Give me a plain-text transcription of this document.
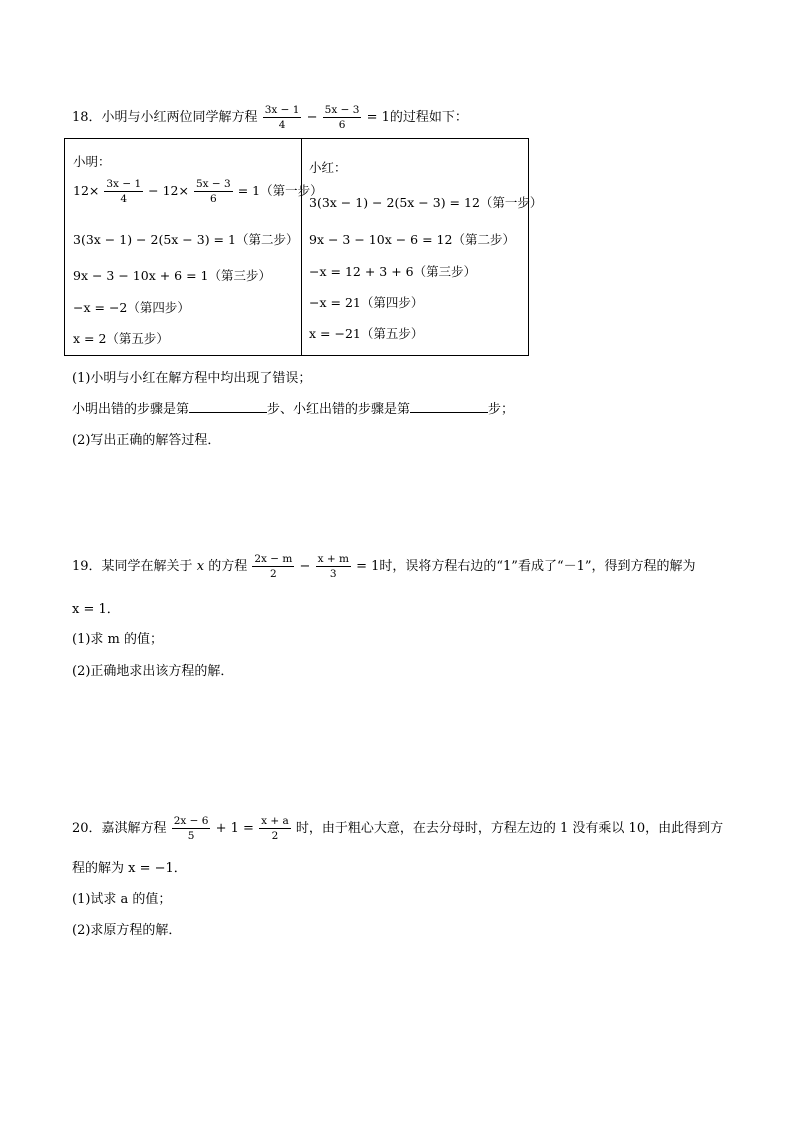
18．小明与小红两位同学解方程 $\frac{3x - 1}{4} - \frac{5x - 3}{6} = 1$的过程如下：
小明：
$12\times \frac{3x - 1}{4} - 12\times \frac{5x - 3}{6} = 1$（第一步）
3(3x − 1) − 2(5x − 3) = 1（第二步）
9x − 3 − 10x + 6 = 1（第三步）
−x = −2（第四步）
x = 2（第五步）
小红：
3(3x − 1) − 2(5x − 3) = 12（第一步）
9x − 3 − 10x − 6 = 12（第二步）
−x = 12 + 3 + 6（第三步）
−x = 21（第四步）
x = −21（第五步）
(1)小明与小红在解方程中均出现了错误；
小明出错的步骤是第	步、小红出错的步骤是第	步；
(2)写出正确的解答过程．
19．某同学在解关于 x 的方程 $\frac{2x - m}{2} - \frac{x + m}{3} = 1$时，误将方程右边的“1”看成了“－1”，得到方程的解为
x = 1．
(1)求 m 的值；
(2)正确地求出该方程的解．
20．嘉淇解方程 $\frac{2x - 6}{5} + 1 = \frac{x + a}{2}$ 时，由于粗心大意，在去分母时，方程左边的 1 没有乘以 10，由此得到方
程的解为 x = −1．
(1)试求 a 的值；
(2)求原方程的解．
